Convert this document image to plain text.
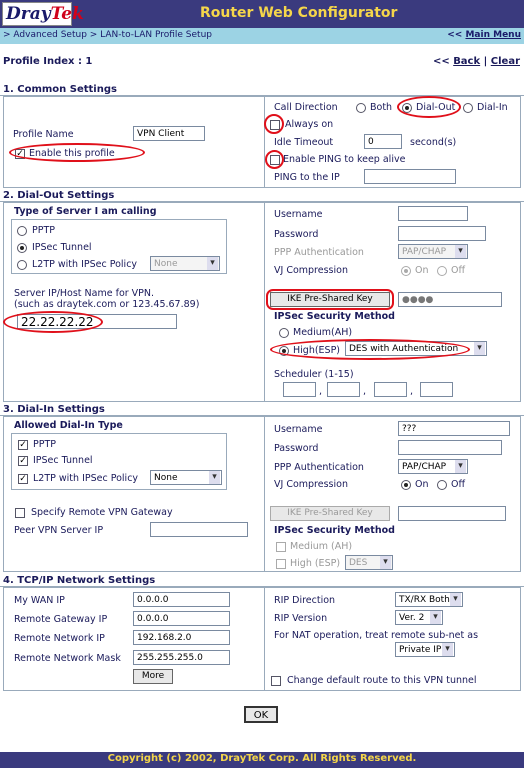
DrayTek	Router Web Configurator
> Advanced Setup > LAN-to-LAN Profile Setup	<< Main Menu
Profile Index : 1	<< Back | Clear
1. Common Settings
Profile Name	VPN Client
✓ Enable this profile
Call Direction	Both	Dial-Out Dial-In
Always on
Idle Timeout	0	second(s)
Enable PING to keep alive
PING to the IP
2. Dial-Out Settings
Type of Server I am calling
PPTP
IPSec Tunnel
L2TP with IPSec Policy	None ▾
Server IP/Host Name for VPN.
(such as draytek.com or 123.45.67.89)
22.22.22.22
Username
Password
PPP Authentication	PAP/CHAP ▾
VJ Compression	On Off
IKE Pre-Shared Key	●●●●
IPSec Security Method
Medium(AH)
High(ESP) DES with Authentication ▾
Scheduler (1-15)
,	,	,
3. Dial-In Settings
Allowed Dial-In Type
✓ PPTP
✓ IPSec Tunnel
✓ L2TP with IPSec Policy	None ▾
Specify Remote VPN Gateway
Peer VPN Server IP
Username	???
Password
PPP Authentication	PAP/CHAP ▾
VJ Compression	On Off
IKE Pre-Shared Key
IPSec Security Method
Medium (AH)
High (ESP) DES ▾
4. TCP/IP Network Settings
My WAN IP	0.0.0.0
Remote Gateway IP	0.0.0.0
Remote Network IP	192.168.2.0
Remote Network Mask	255.255.255.0
More
RIP Direction	TX/RX Both ▾
RIP Version	Ver. 2 ▾
For NAT operation, treat remote sub-net as
Private IP ▾
Change default route to this VPN tunnel
OK
Copyright (c) 2002, DrayTek Corp. All Rights Reserved.
